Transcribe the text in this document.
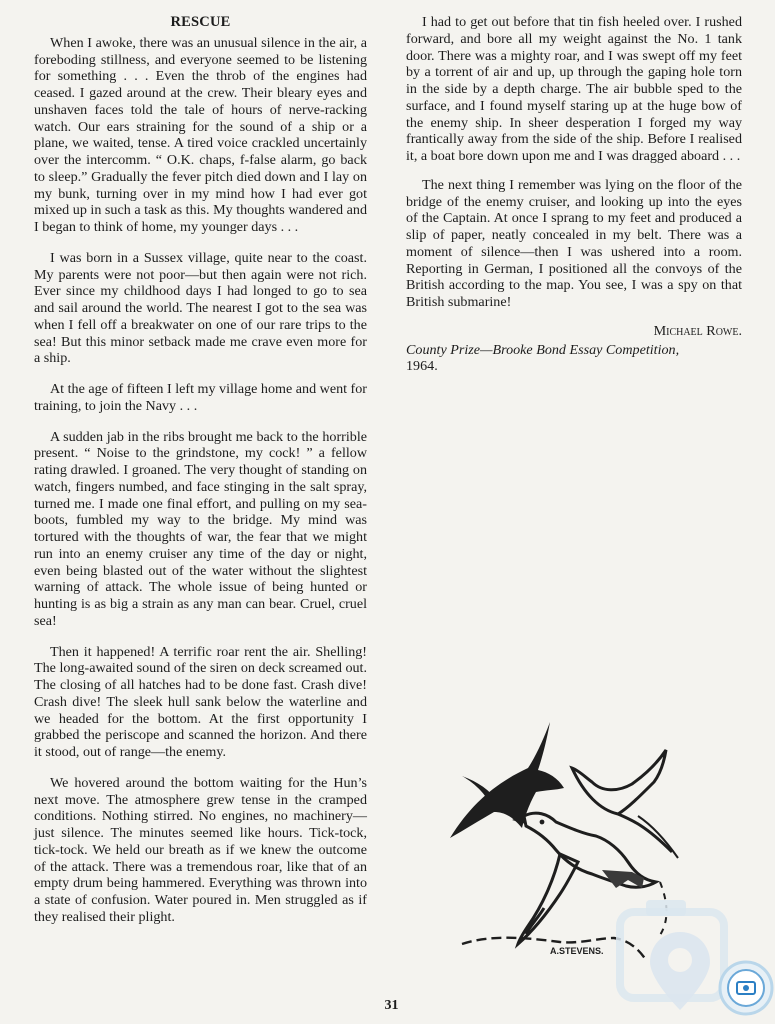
RESCUE

When I awoke, there was an unusual silence in the air, a foreboding stillness, and everyone seemed to be listening for something . . . Even the throb of the engines had ceased. I gazed around at the crew. Their bleary eyes and unshaven faces told the tale of hours of nerve-racking watch. Our ears straining for the sound of a ship or a plane, we waited, tense. A tired voice crackled uncertainly over the intercomm. “ O.K. chaps, f-false alarm, go back to sleep.” Gradually the fever pitch died down and I lay on my bunk, turning over in my mind how I had ever got mixed up in such a task as this. My thoughts wandered and I began to think of home, my younger days . . .

I was born in a Sussex village, quite near to the coast. My parents were not poor—but then again were not rich. Ever since my childhood days I had longed to go to sea and sail around the world. The nearest I got to the sea was when I fell off a breakwater on one of our rare trips to the sea! But this minor setback made me crave even more for a ship.

At the age of fifteen I left my village home and went for training, to join the Navy . . .

A sudden jab in the ribs brought me back to the horrible present. “ Noise to the grindstone, my cock! ” a fellow rating drawled. I groaned. The very thought of standing on watch, fingers numbed, and face stinging in the salt spray, turned me. I made one final effort, and pulling on my sea-boots, fumbled my way to the bridge. My mind was tortured with the thoughts of war, the fear that we might run into an enemy cruiser any time of the day or night, even being blasted out of the water without the slightest warning of attack. The whole issue of being hunted or hunting is as big a strain as any man can bear. Cruel, cruel sea!

Then it happened! A terrific roar rent the air. Shelling! The long-awaited sound of the siren on deck screamed out. The closing of all hatches had to be done fast. Crash dive! Crash dive! The sleek hull sank below the waterline and we headed for the bottom. At the first opportunity I grabbed the periscope and scanned the horizon. And there it stood, out of range—the enemy.

We hovered around the bottom waiting for the Hun’s next move. The atmosphere grew tense in the cramped conditions. Nothing stirred. No engines, no machinery—just silence. The minutes seemed like hours. Tick-tock, tick-tock. We held our breath as if we knew the outcome of the attack. There was a tremendous roar, like that of an empty drum being hammered. Everything was thrown into a state of confusion. Water poured in. Men struggled as if they realised their plight.

I had to get out before that tin fish heeled over. I rushed forward, and bore all my weight against the No. 1 tank door. There was a mighty roar, and I was swept off my feet by a torrent of air and up, up through the gaping hole torn in the side by a depth charge. The air bubble sped to the surface, and I found myself staring up at the huge bow of the enemy ship. In sheer desperation I forged my way frantically away from the side of the ship. Before I realised it, a boat bore down upon me and I was dragged aboard . . .

The next thing I remember was lying on the floor of the bridge of the enemy cruiser, and looking up into the eyes of the Captain. At once I sprang to my feet and produced a slip of paper, neatly concealed in my belt. There was a moment of silence—then I was ushered into a room. Reporting in German, I positioned all the convoys of the British according to the map. You see, I was a spy on that British submarine!

Michael Rowe.
County Prize—Brooke Bond Essay Competition,
1964.
A.STEVENS.
31
